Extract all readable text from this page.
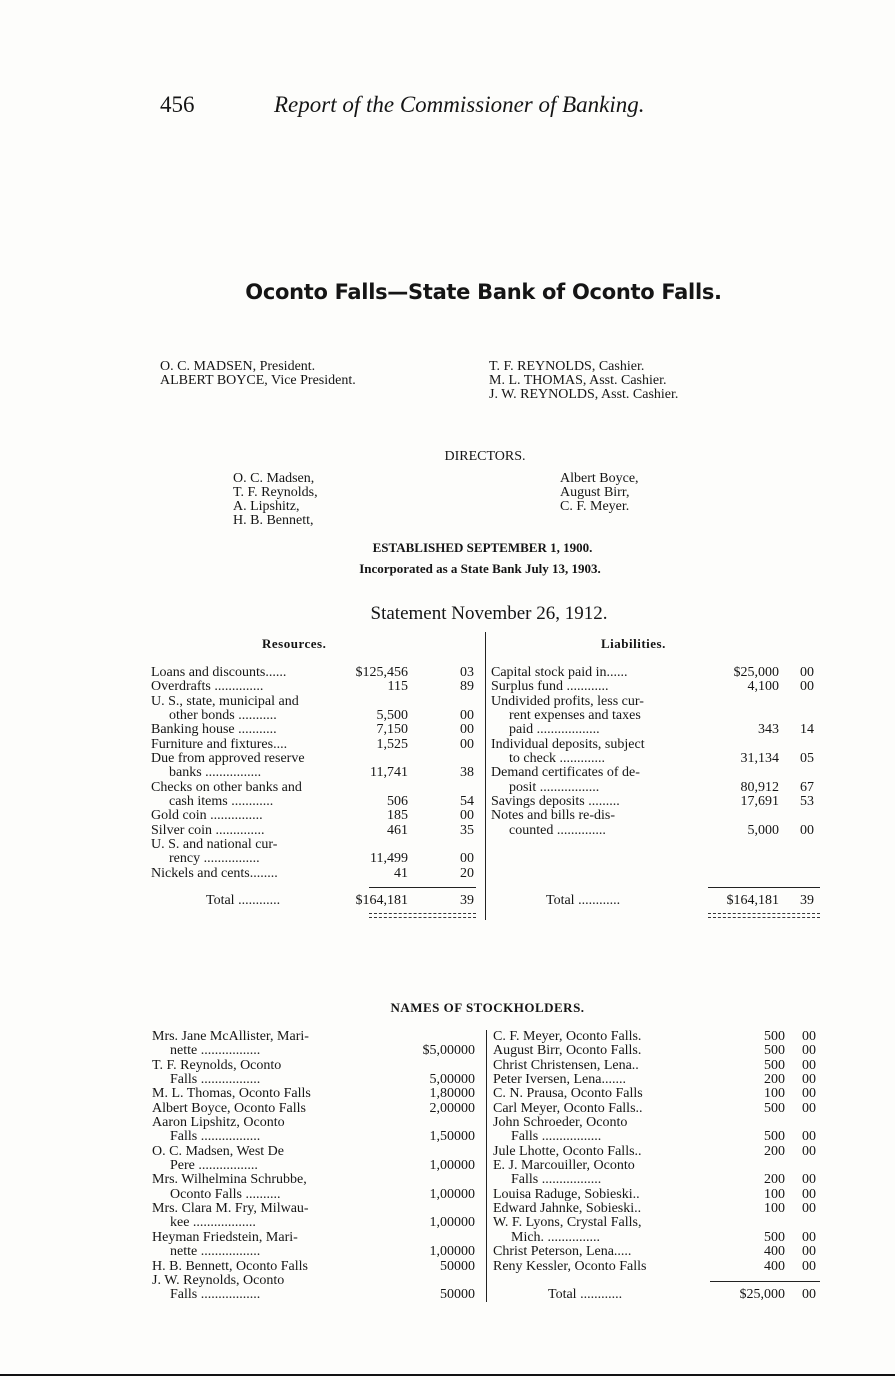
456	Report of the Commissioner of Banking.
Oconto Falls—State Bank of Oconto Falls.
O. C. MADSEN, President.
ALBERT BOYCE, Vice President.
T. F. REYNOLDS, Cashier.
M. L. THOMAS, Asst. Cashier.
J. W. REYNOLDS, Asst. Cashier.
DIRECTORS.
O. C. Madsen,
T. F. Reynolds,
A. Lipshitz,
H. B. Bennett,
Albert Boyce,
August Birr,
C. F. Meyer.
ESTABLISHED SEPTEMBER 1, 1900.
Incorporated as a State Bank July 13, 1903.
Statement November 26, 1912.
Resources.	Liabilities.
Loans and discounts......	$125,456	03
Overdrafts ..............	115	89
U. S., state, municipal and
other bonds ...........	5,500	00
Banking house ...........	7,150	00
Furniture and fixtures....	1,525	00
Due from approved reserve
banks ................	11,741	38
Checks on other banks and
cash items ............	506	54
Gold coin ...............	185	00
Silver coin ..............	461	35
U. S. and national cur-
rency ................	11,499	00
Nickels and cents........	41	20
Total ............	$164,181	39
Capital stock paid in......	$25,000 00
Surplus fund ............	4,100 00
Undivided profits, less cur-
rent expenses and taxes
paid ..................	343 14
Individual deposits, subject
to check .............	31,134 05
Demand certificates of de-
posit .................	80,912 67
Savings deposits .........	17,691 53
Notes and bills re-dis-
counted ..............	5,000 00
Total ............	$164,181 39
NAMES OF STOCKHOLDERS.
Mrs. Jane McAllister, Mari-
nette .................	$5,000 00
T. F. Reynolds, Oconto
Falls .................	5,000 00
M. L. Thomas, Oconto Falls	1,800 00
Albert Boyce, Oconto Falls	2,000 00
Aaron Lipshitz, Oconto
Falls .................	1,500 00
O. C. Madsen, West De
Pere .................	1,000 00
Mrs. Wilhelmina Schrubbe,
Oconto Falls ..........	1,000 00
Mrs. Clara M. Fry, Milwau-
kee ..................	1,000 00
Heyman Friedstein, Mari-
nette .................	1,000 00
H. B. Bennett, Oconto Falls	500 00
J. W. Reynolds, Oconto
Falls .................	500 00
C. F. Meyer, Oconto Falls.	500 00
August Birr, Oconto Falls.	500 00
Christ Christensen, Lena..	500 00
Peter Iversen, Lena.......	200 00
C. N. Prausa, Oconto Falls	100 00
Carl Meyer, Oconto Falls..	500 00
John Schroeder, Oconto
Falls .................	500 00
Jule Lhotte, Oconto Falls..	200 00
E. J. Marcouiller, Oconto
Falls .................	200 00
Louisa Raduge, Sobieski..	100 00
Edward Jahnke, Sobieski..	100 00
W. F. Lyons, Crystal Falls,
Mich. ...............	500 00
Christ Peterson, Lena.....	400 00
Reny Kessler, Oconto Falls	400 00
Total ............	$25,000 00
